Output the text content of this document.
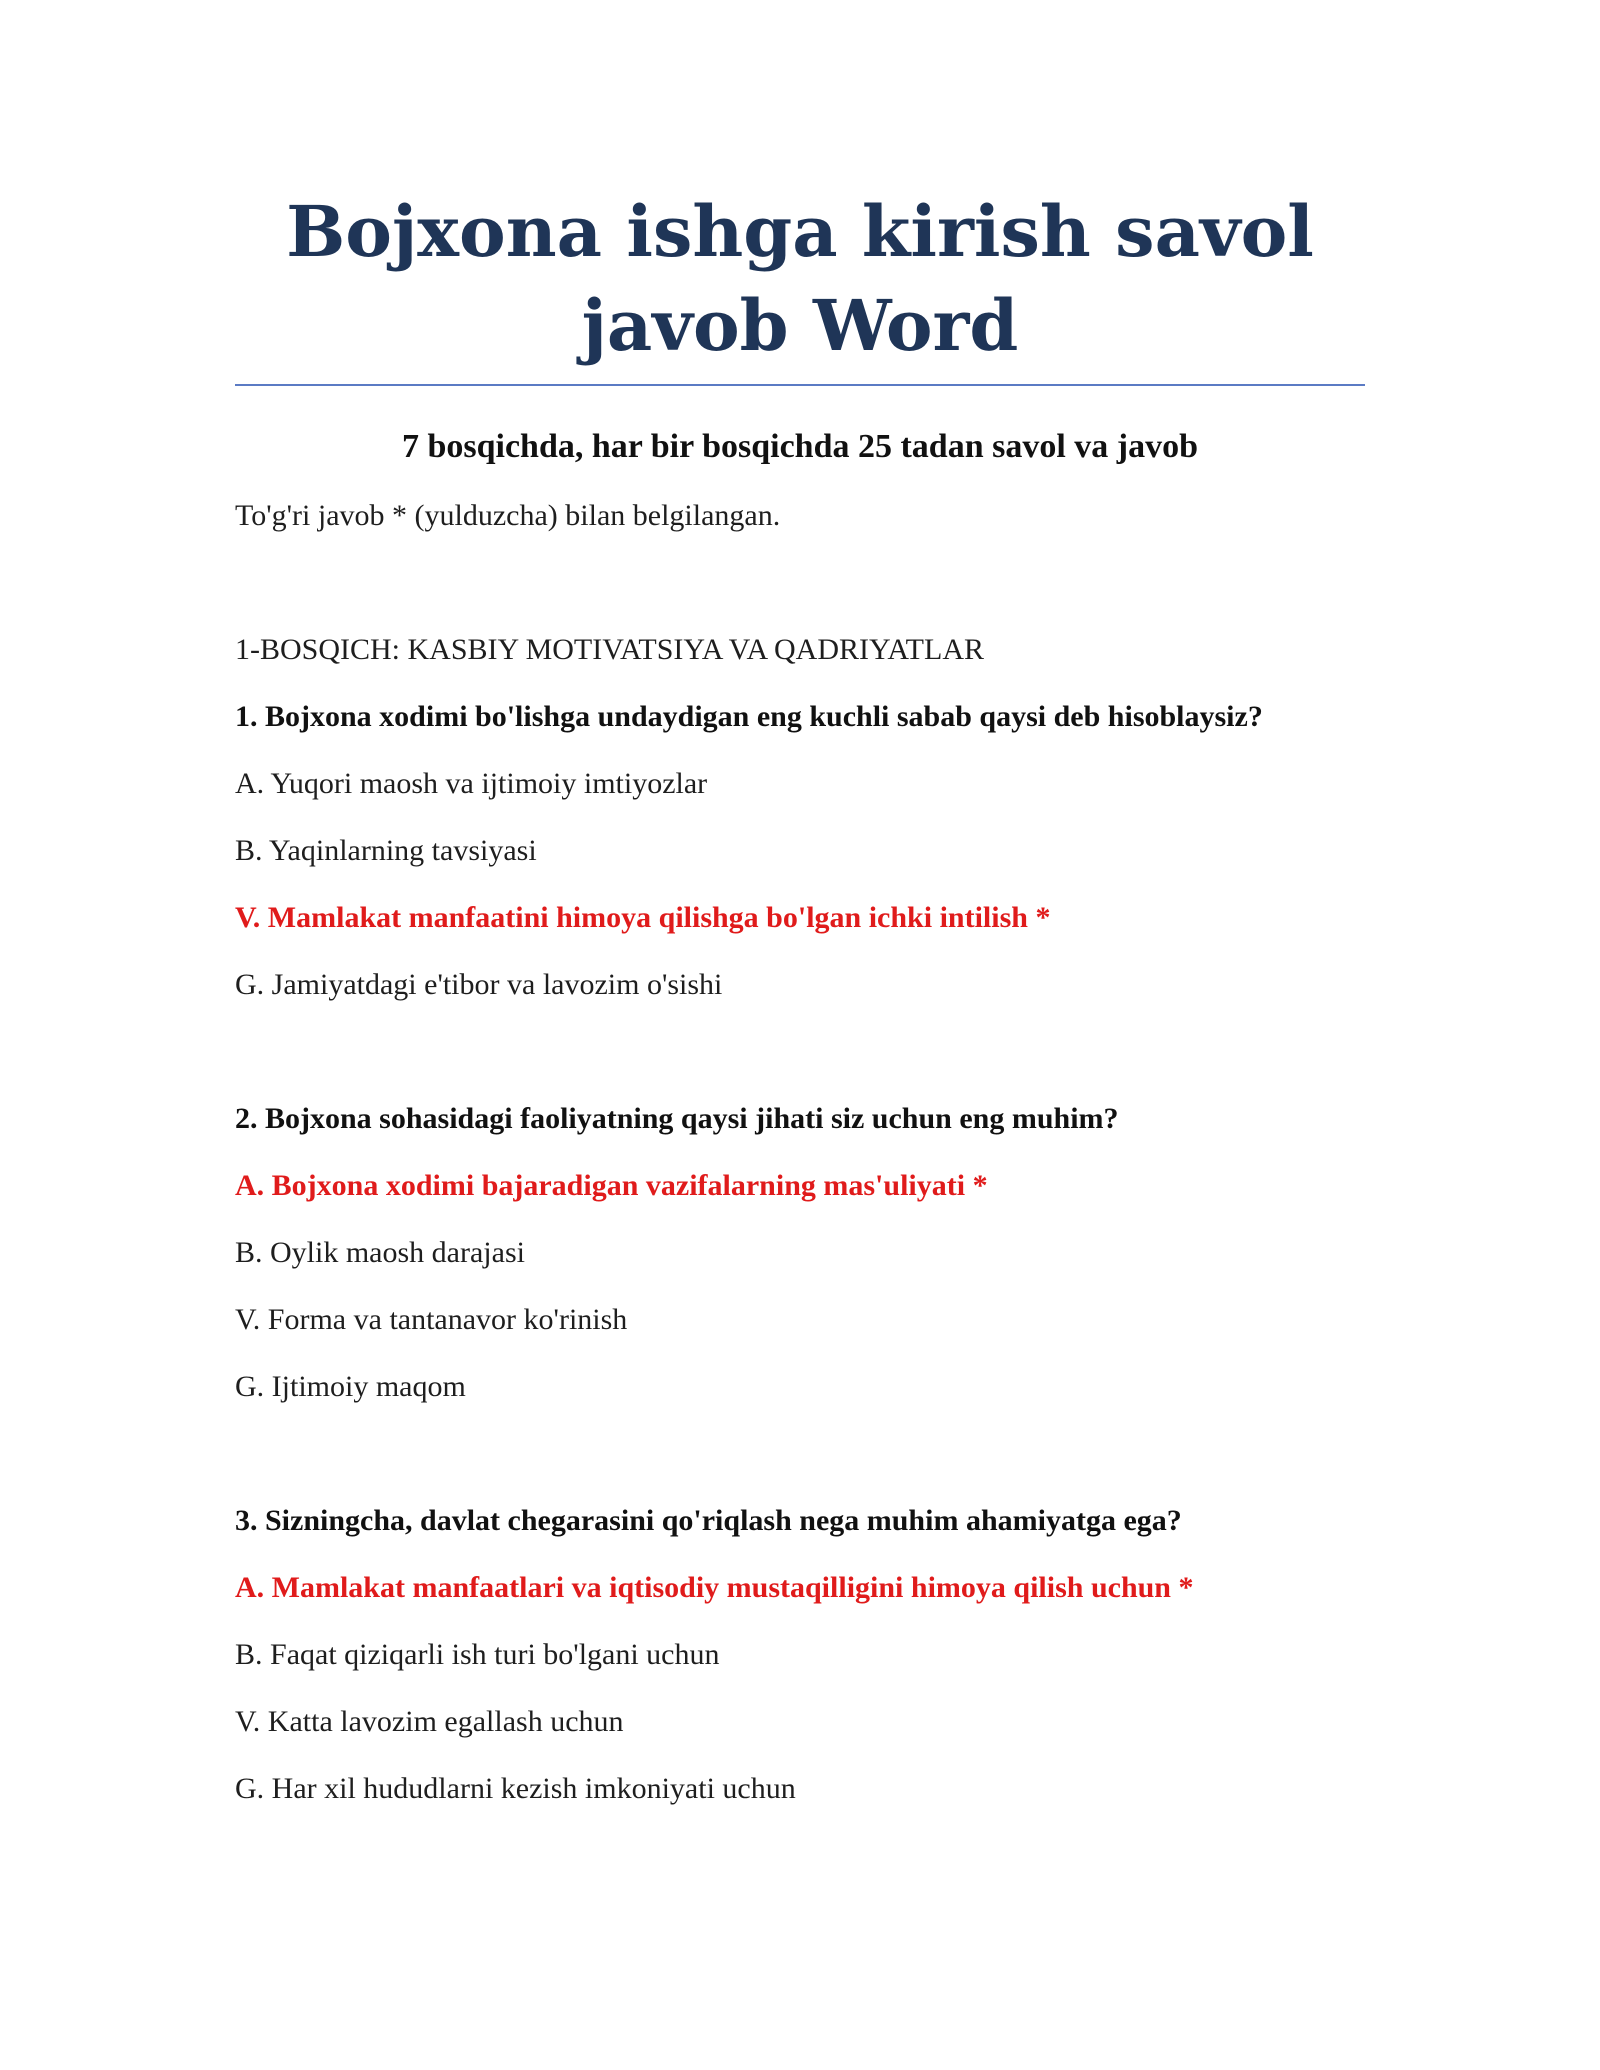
Bojxona ishga kirish savol
javob Word

7 bosqichda, har bir bosqichda 25 tadan savol va javob

To'g'ri javob * (yulduzcha) bilan belgilangan.

1-BOSQICH: KASBIY MOTIVATSIYA VA QADRIYATLAR

1. Bojxona xodimi bo'lishga undaydigan eng kuchli sabab qaysi deb hisoblaysiz?

A. Yuqori maosh va ijtimoiy imtiyozlar

B. Yaqinlarning tavsiyasi

V. Mamlakat manfaatini himoya qilishga bo'lgan ichki intilish *

G. Jamiyatdagi e'tibor va lavozim o'sishi

2. Bojxona sohasidagi faoliyatning qaysi jihati siz uchun eng muhim?

A. Bojxona xodimi bajaradigan vazifalarning mas'uliyati *

B. Oylik maosh darajasi

V. Forma va tantanavor ko'rinish

G. Ijtimoiy maqom

3. Sizningcha, davlat chegarasini qo'riqlash nega muhim ahamiyatga ega?

A. Mamlakat manfaatlari va iqtisodiy mustaqilligini himoya qilish uchun *

B. Faqat qiziqarli ish turi bo'lgani uchun

V. Katta lavozim egallash uchun

G. Har xil hududlarni kezish imkoniyati uchun
